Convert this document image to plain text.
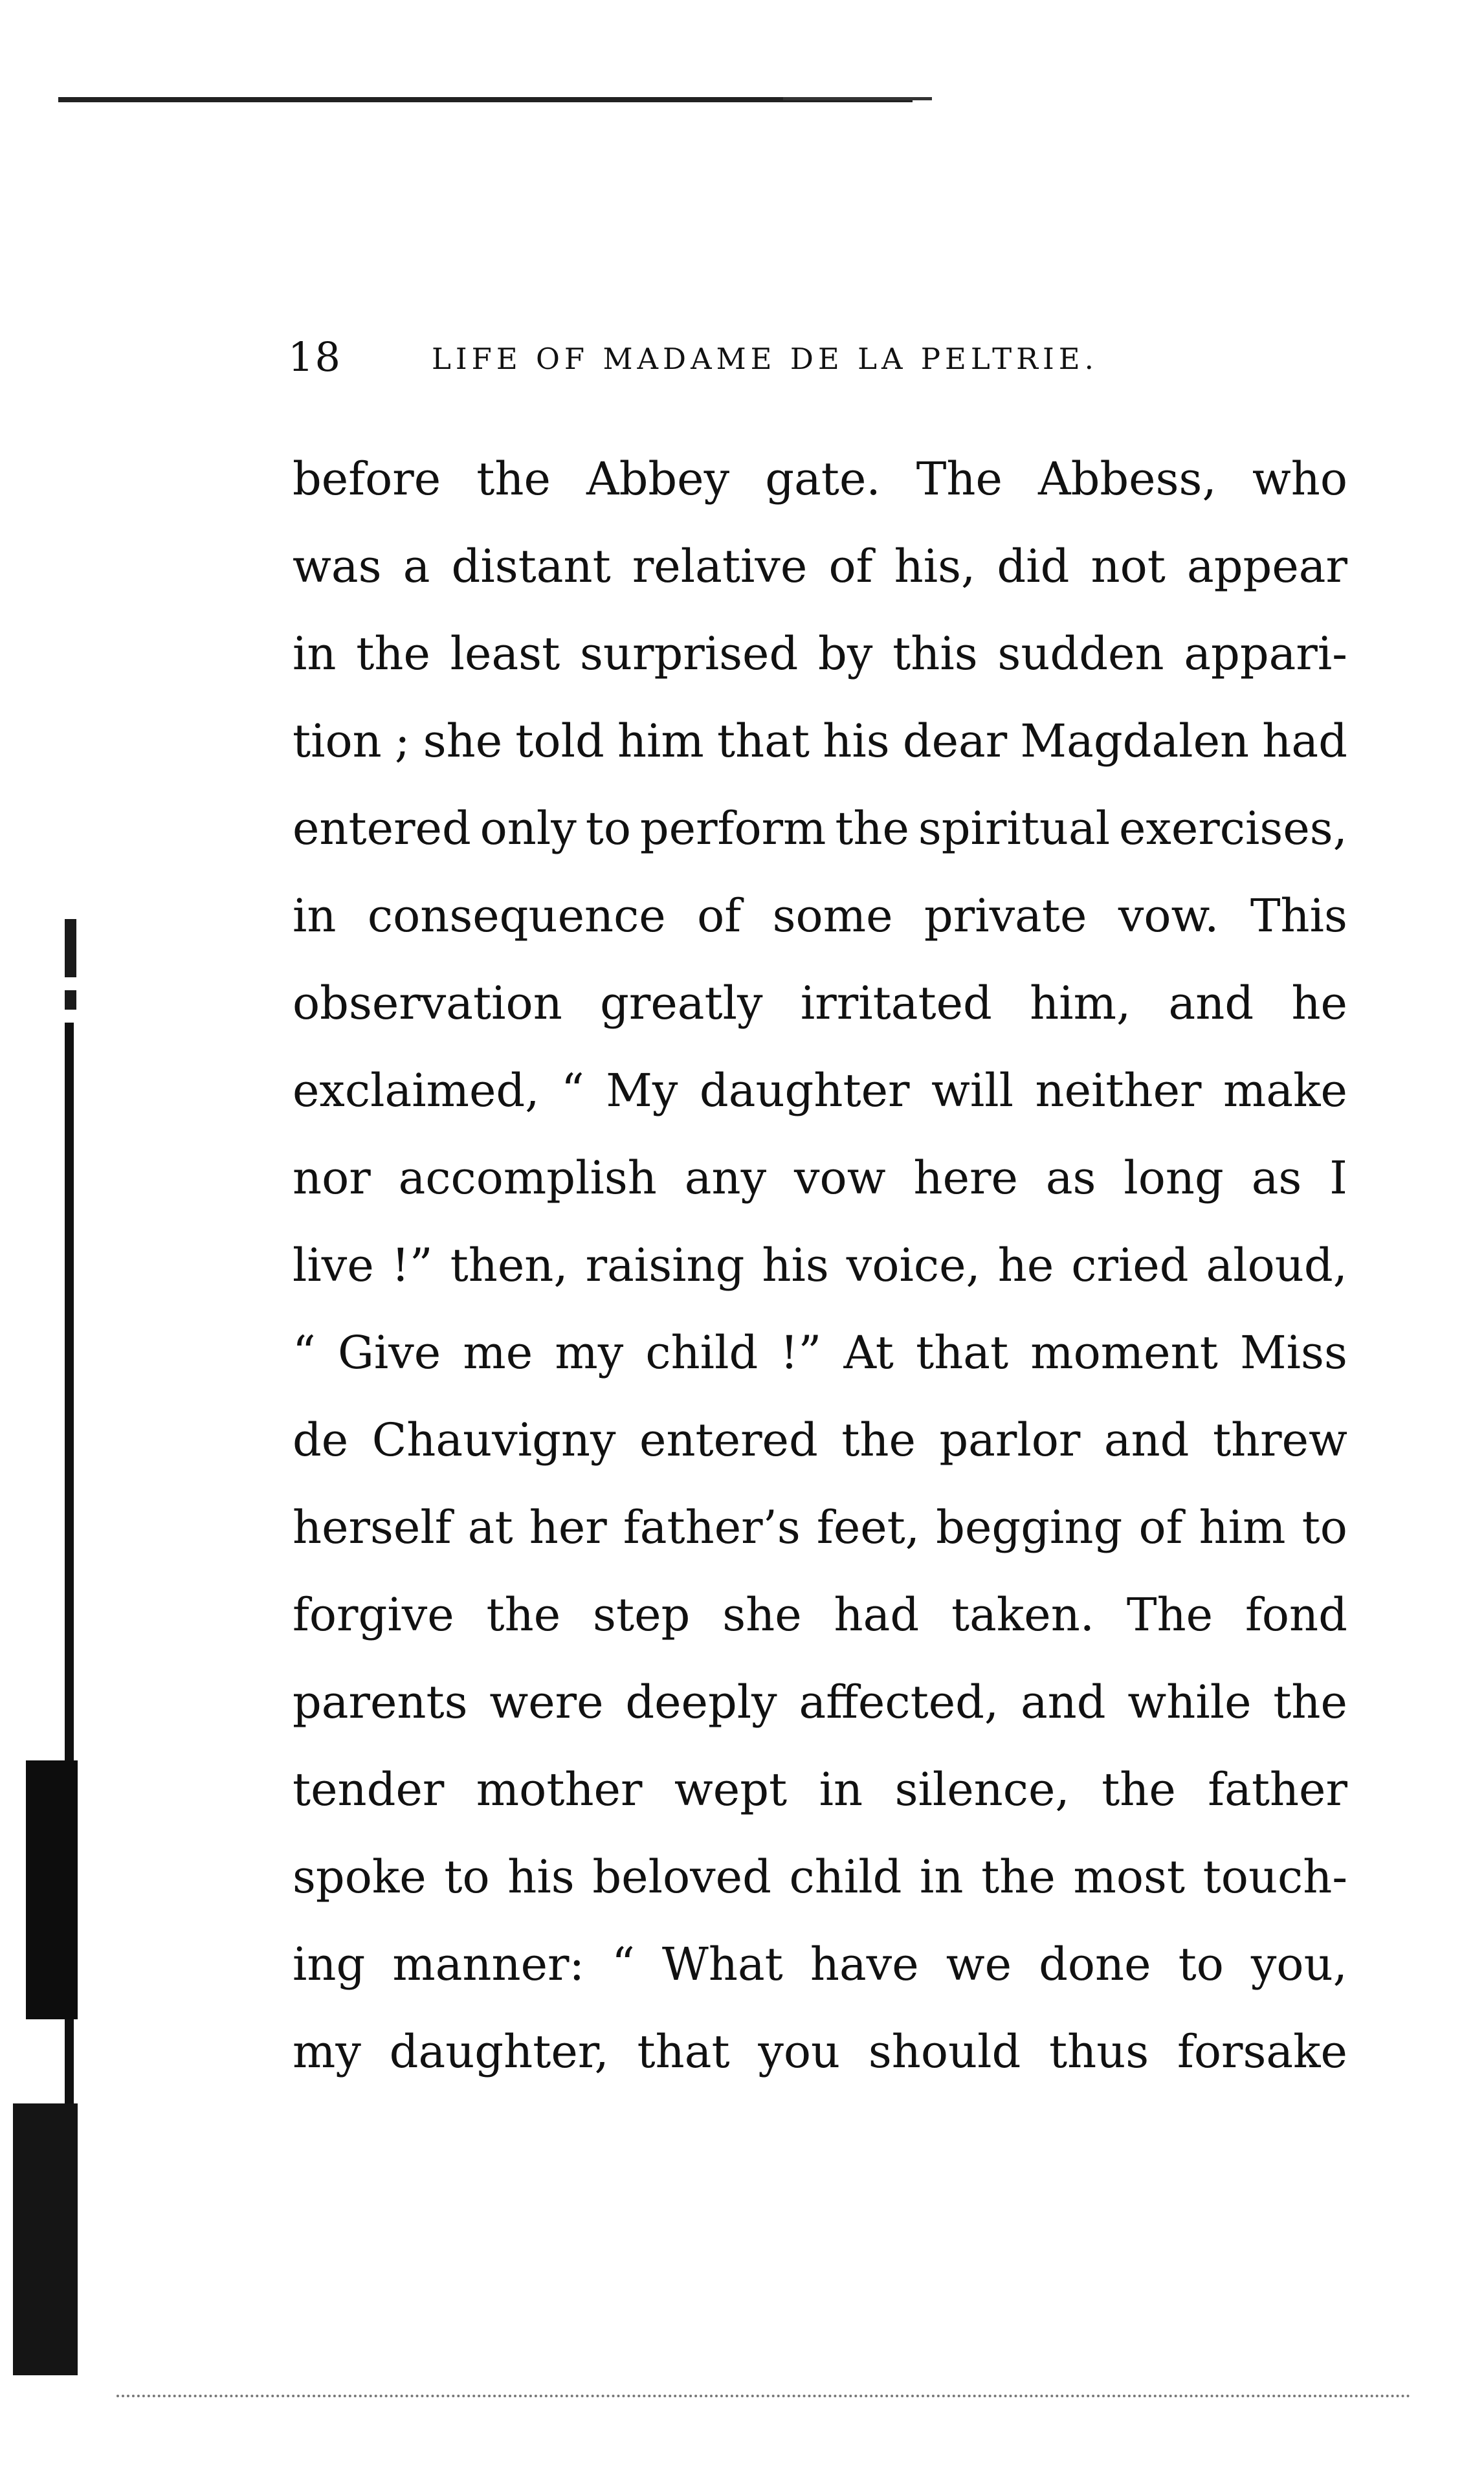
18	LIFE OF MADAME DE LA PELTRIE.
before the Abbey gate. The Abbess, who
was a distant relative of his, did not appear
in the least surprised by this sudden appari-
tion ; she told him that his dear Magdalen had
entered only to perform the spiritual exercises,
in consequence of some private vow. This
observation greatly irritated him, and he
exclaimed, “ My daughter will neither make
nor accomplish any vow here as long as I
live !” then, raising his voice, he cried aloud,
“ Give me my child !” At that moment Miss
de Chauvigny entered the parlor and threw
herself at her father’s feet, begging of him to
forgive the step she had taken. The fond
parents were deeply affected, and while the
tender mother wept in silence, the father
spoke to his beloved child in the most touch-
ing manner: “ What have we done to you,
my daughter, that you should thus forsake
